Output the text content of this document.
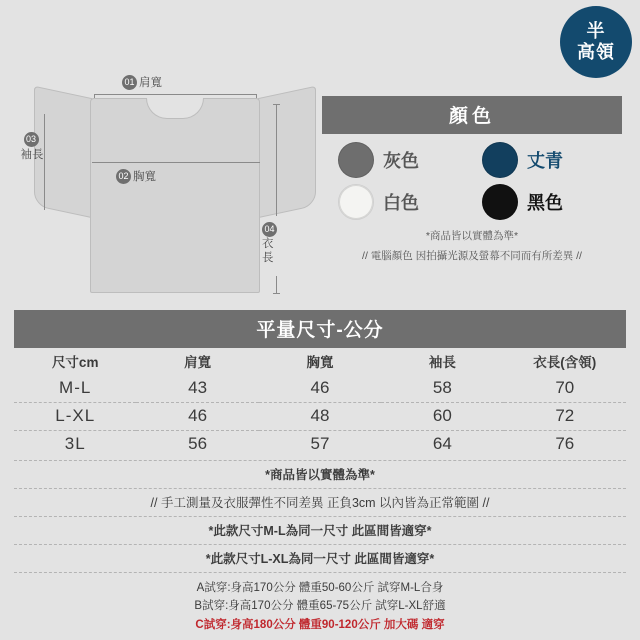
半
高領
01 肩寬
02 胸寬
03
袖長
04
衣
長
顏色
灰色	丈青
白色	黑色
*商品皆以實體為準*
// 電腦顏色 因拍攝光源及螢幕不同而有所差異 //
平量尺寸-公分
尺寸cm	肩寬	胸寬	袖長	衣長(含領)
M-L	43	46	58	70
L-XL	46	48	60	72
3L	56	57	64	76
*商品皆以實體為準*
// 手工測量及衣服彈性不同差異 正負3cm 以內皆為正常範圍 //
*此款尺寸M-L為同一尺寸 此區間皆適穿*
*此款尺寸L-XL為同一尺寸 此區間皆適穿*
A試穿:身高170公分 體重50-60公斤 試穿M-L合身
B試穿:身高170公分 體重65-75公斤 試穿L-XL舒適
C試穿:身高180公分 體重90-120公斤 加大碼 適穿
